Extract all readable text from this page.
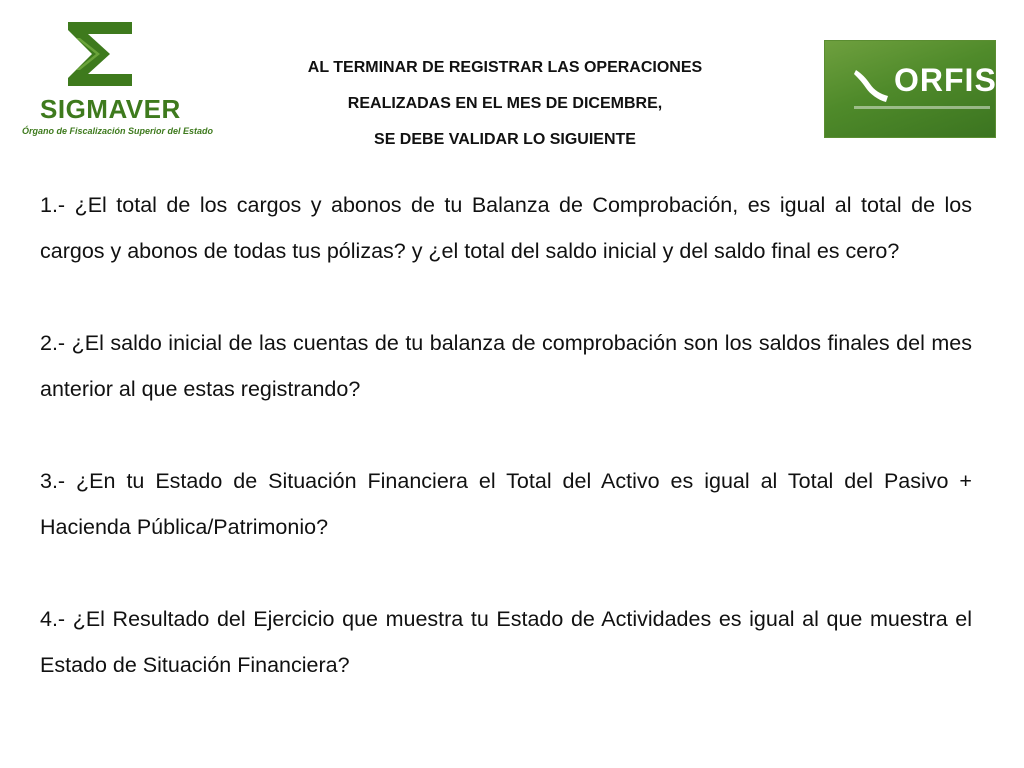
SIGMAVER
Órgano de Fiscalización Superior del Estado
AL TERMINAR DE REGISTRAR LAS OPERACIONES
REALIZADAS EN EL MES DE DICEMBRE,
SE DEBE VALIDAR LO SIGUIENTE
ORFIS

1.- ¿El total de los cargos y abonos de tu Balanza de Comprobación, es igual al total de los cargos y abonos de todas tus pólizas? y ¿el total del saldo inicial y del saldo final es cero?

2.- ¿El saldo inicial de las cuentas de tu balanza de comprobación son los saldos finales del mes anterior al que estas registrando?

3.- ¿En tu Estado de Situación Financiera el Total del Activo es igual al Total del Pasivo + Hacienda Pública/Patrimonio?

4.- ¿El Resultado del Ejercicio que muestra tu Estado de Actividades es igual al que muestra el Estado de Situación Financiera?
